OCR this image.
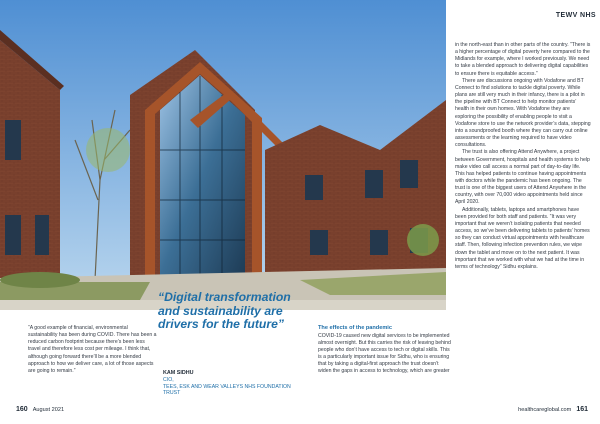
TEWV NHS

in the north-east than in other parts of the country. “There is a higher percentage of digital poverty here compared to the Midlands for example, where I worked previously. We need to take a blended approach to delivering digital capabilities to ensure there is equitable access.”

There are discussions ongoing with Vodafone and BT Connect to find solutions to tackle digital poverty. While plans are still very much in their infancy, there is a pilot in the pipeline with BT Connect to help monitor patients’ health in their own homes. With Vodafone they are exploring the possibility of enabling people to visit a Vodafone store to use the network provider’s data, stepping into a soundproofed booth where they can carry out online assessments or the learning required to have video consultations.

The trust is also offering Attend Anywhere, a project between Government, hospitals and health systems to help make video call access a normal part of day-to-day life. This has helped patients to continue having appointments with doctors while the pandemic has been ongoing. The trust is one of the biggest users of Attend Anywhere in the country, with over 70,000 video appointments held since April 2020.

Additionally, tablets, laptops and smartphones have been provided for both staff and patients. “It was very important that we weren’t isolating patients that needed access, so we’ve been delivering tablets to patients’ homes so they can conduct virtual appointments with healthcare staff. Then, following infection prevention rules, we wipe down the tablet and move on to the next patient. It was important that we worked with what we had at the time in terms of technology” Sidhu explains.

“Digital transformation and sustainability are drivers for the future”
KAM SIDHU
CIO,
TEES, ESK AND WEAR VALLEYS NHS FOUNDATION TRUST
“A good example of financial, environmental sustainability has been during COVID. There has been a reduced carbon footprint because there’s been less travel and therefore less cost per mileage. I think that, although going forward there’ll be a more blended approach to how we deliver care, a lot of those aspects are going to remain.”
The effects of the pandemic

COVID-19 caused new digital services to be implemented almost overnight. But this carries the risk of leaving behind people who don’t have access to tech or digital skills. This is a particularly important issue for Sidhu, who is ensuring that by taking a digital-first approach the trust doesn’t widen the gaps in access to technology, which are greater

160 August 2021	healthcareglobal.com 161
